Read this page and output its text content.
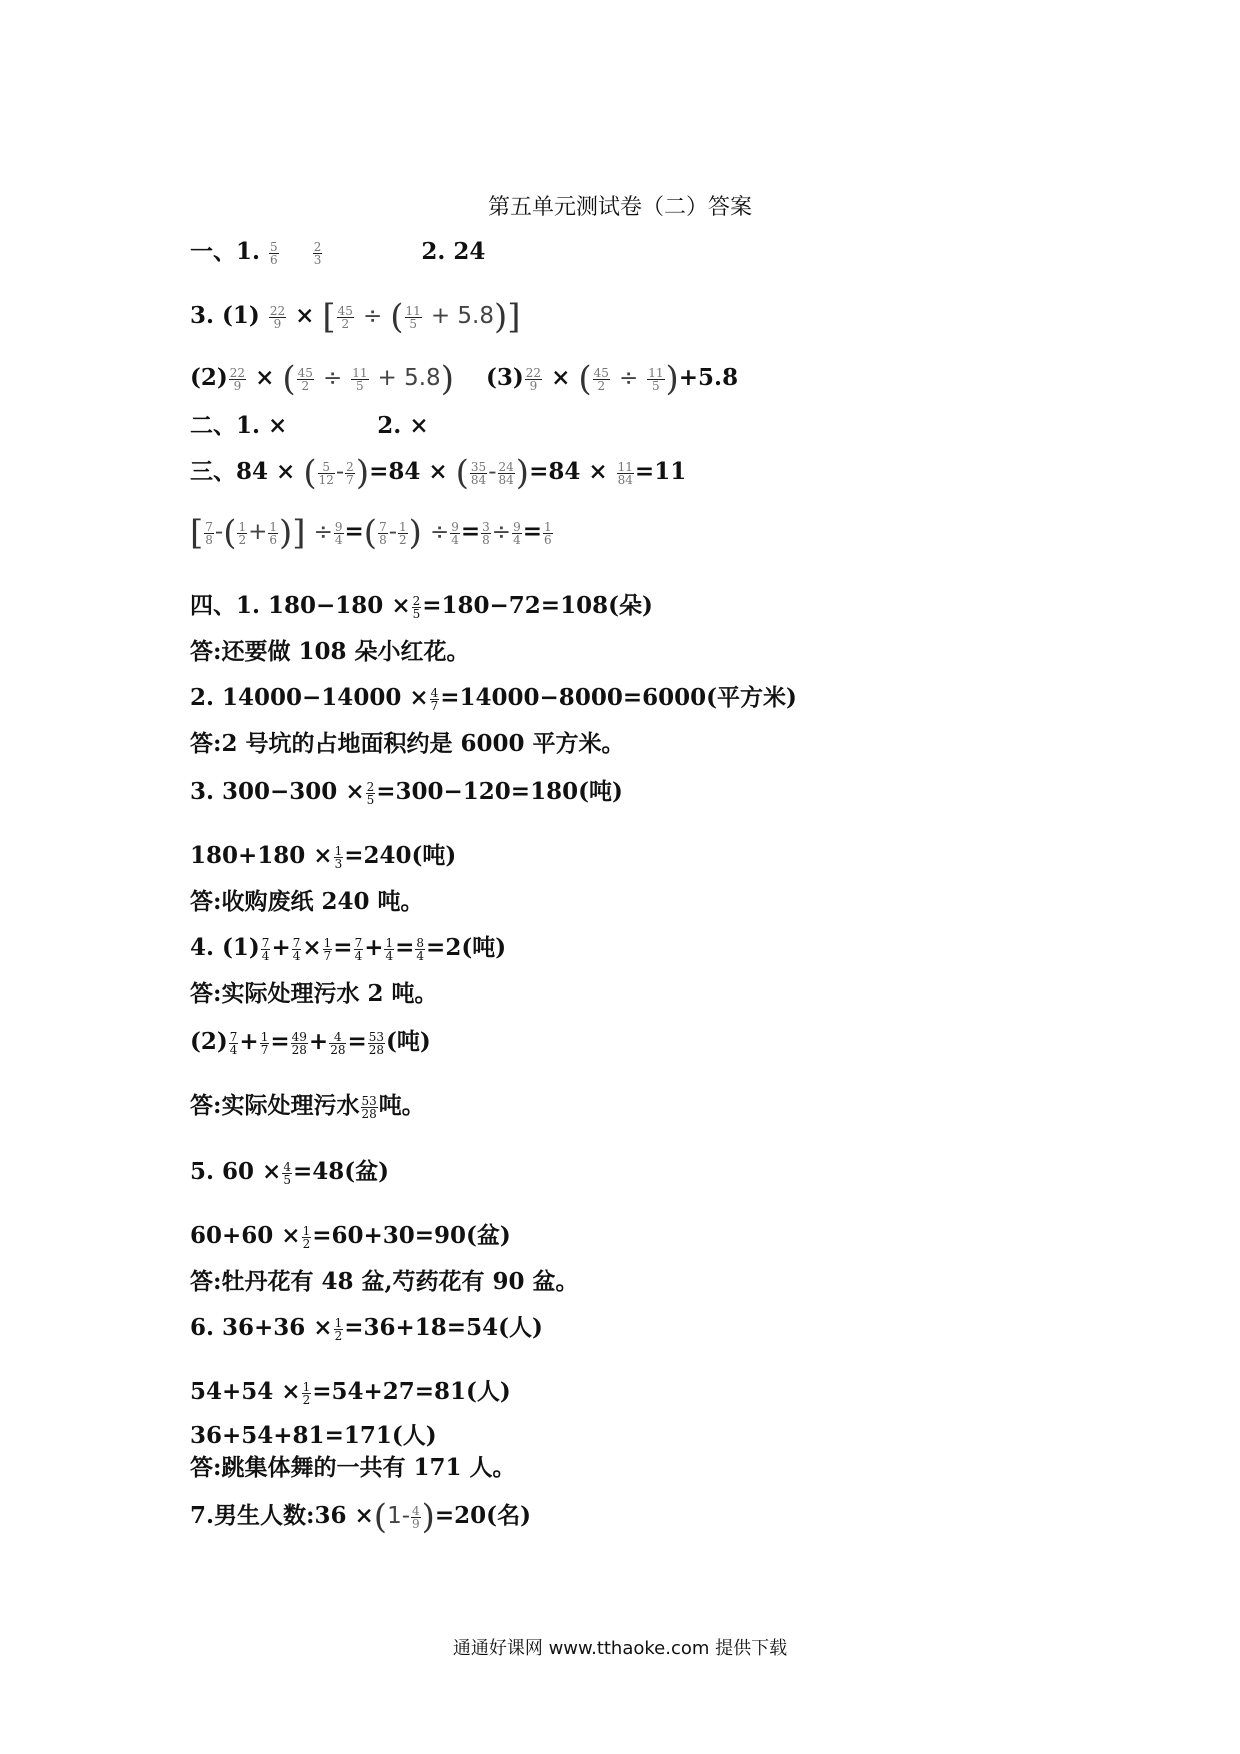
第五单元测试卷（二）答案
一、1. $\frac{5}{6}$
	$\frac{2}{3}$	2. 24
3. $(1) \frac{22}{9}$ × [ $\frac{45}{2}$ ÷ ( $\frac{11}{5} + 5.8$)]
$(2) \frac{22}{9}$ × ( $\frac{45}{2} \div \frac{11}{5} + 5.8$) $(3) \frac{22}{9}$ × ( $\frac{45}{2} \div \frac{11}{5} )+5.8$
二、1. ×	2. ×
三、84 × ( $\frac{5}{12} - \frac{2}{7} )=84$ × ( $\frac{35}{84} - \frac{24}{84} )=84 \times \frac{11}{84} =11$
[ $\frac{7}{8}$ -( $\frac{1}{2} + \frac{1}{6}$ )] ÷ $\frac{9}{4}$ =( $\frac{7}{8} - \frac{1}{2}$ ) ÷ $\frac{9}{4} = \frac{3}{8} \div \frac{9}{4} = \frac{1}{6}$
四、1. $180-180 \times \frac{2}{5} =180-72=108$(朵)
答:还要做 108 朵小红花。
2. $14000-14000 \times \frac{4}{7} =14000-8000=6000$(平方米)
答:2 号坑的占地面积约是 6000 平方米。
3. $300-300 \times \frac{2}{5} =300-120=180$(吨)
$180+180 \times \frac{1}{3} =240$(吨)
答:收购废纸 240 吨。
4. $(1) \frac{7}{4} + \frac{7}{4} \times \frac{1}{7} = \frac{7}{4} + \frac{1}{4} = \frac{8}{4} =2$(吨)
答:实际处理污水 2 吨。
$(2) \frac{7}{4} + \frac{1}{7} = \frac{49}{28} + \frac{4}{28} = \frac{53}{28}$ (吨)
答:实际处理污水 $\frac{53}{28}$ 吨。
5. $60 \times \frac{4}{5} =48$(盆)
$60+60 \times \frac{1}{2} =60+30=90$(盆)
答:牡丹花有 48 盆,芍药花有 90 盆。
6. $36+36 \times \frac{1}{2} =36+18=54$(人)
$54+54 \times \frac{1}{2} =54+27=81$(人)
36+54+81=171(人)
答:跳集体舞的一共有 171 人。
7.男生人数:36 $\times(1- \frac{4}{9} )=20$(名)
通通好课网 www.tthaoke.com 提供下载
